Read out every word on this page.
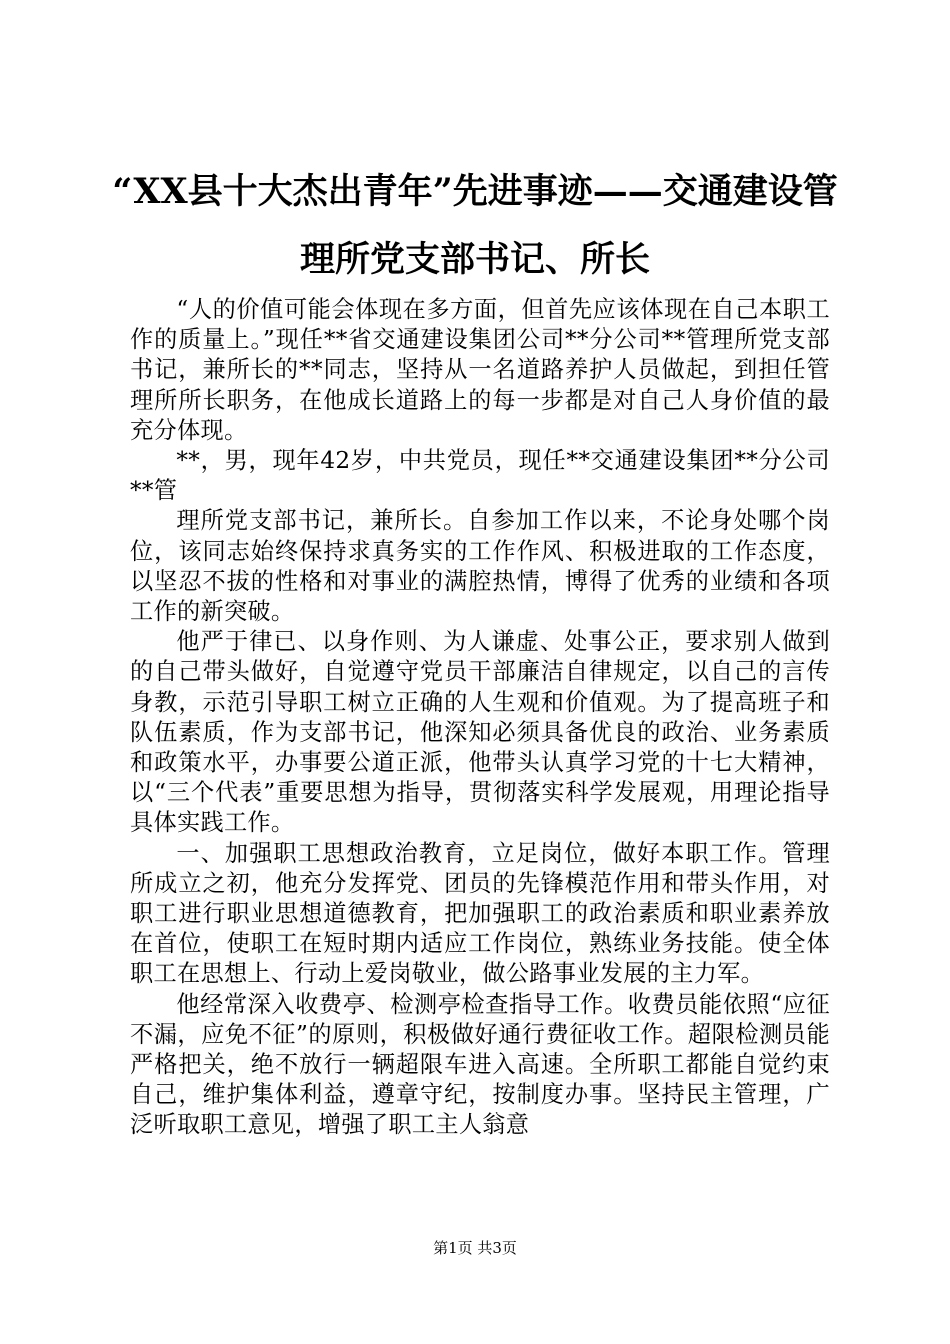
“XX县十大杰出青年”先进事迹——交通建设管理所党支部书记、所长

“人的价值可能会体现在多方面，但首先应该体现在自己本职工作的质量上。”现任**省交通建设集团公司**分公司**管理所党支部书记，兼所长的**同志，坚持从一名道路养护人员做起，到担任管理所所长职务，在他成长道路上的每一步都是对自己人身价值的最充分体现。

**，男，现年42岁，中共党员，现任**交通建设集团**分公司**管

理所党支部书记，兼所长。自参加工作以来，不论身处哪个岗位，该同志始终保持求真务实的工作作风、积极进取的工作态度，以坚忍不拔的性格和对事业的满腔热情，博得了优秀的业绩和各项工作的新突破。

他严于律已、以身作则、为人谦虚、处事公正，要求别人做到的自己带头做好，自觉遵守党员干部廉洁自律规定，以自己的言传身教，示范引导职工树立正确的人生观和价值观。为了提高班子和队伍素质，作为支部书记，他深知必须具备优良的政治、业务素质和政策水平，办事要公道正派，他带头认真学习党的十七大精神，以“三个代表”重要思想为指导，贯彻落实科学发展观，用理论指导具体实践工作。

一、加强职工思想政治教育，立足岗位，做好本职工作。管理所成立之初，他充分发挥党、团员的先锋模范作用和带头作用，对职工进行职业思想道德教育，把加强职工的政治素质和职业素养放在首位，使职工在短时期内适应工作岗位，熟练业务技能。使全体职工在思想上、行动上爱岗敬业，做公路事业发展的主力军。

他经常深入收费亭、检测亭检查指导工作。收费员能依照“应征不漏，应免不征”的原则，积极做好通行费征收工作。超限检测员能严格把关，绝不放行一辆超限车进入高速。全所职工都能自觉约束自己，维护集体利益，遵章守纪，按制度办事。坚持民主管理，广泛听取职工意见，增强了职工主人翁意

第1页 共3页
